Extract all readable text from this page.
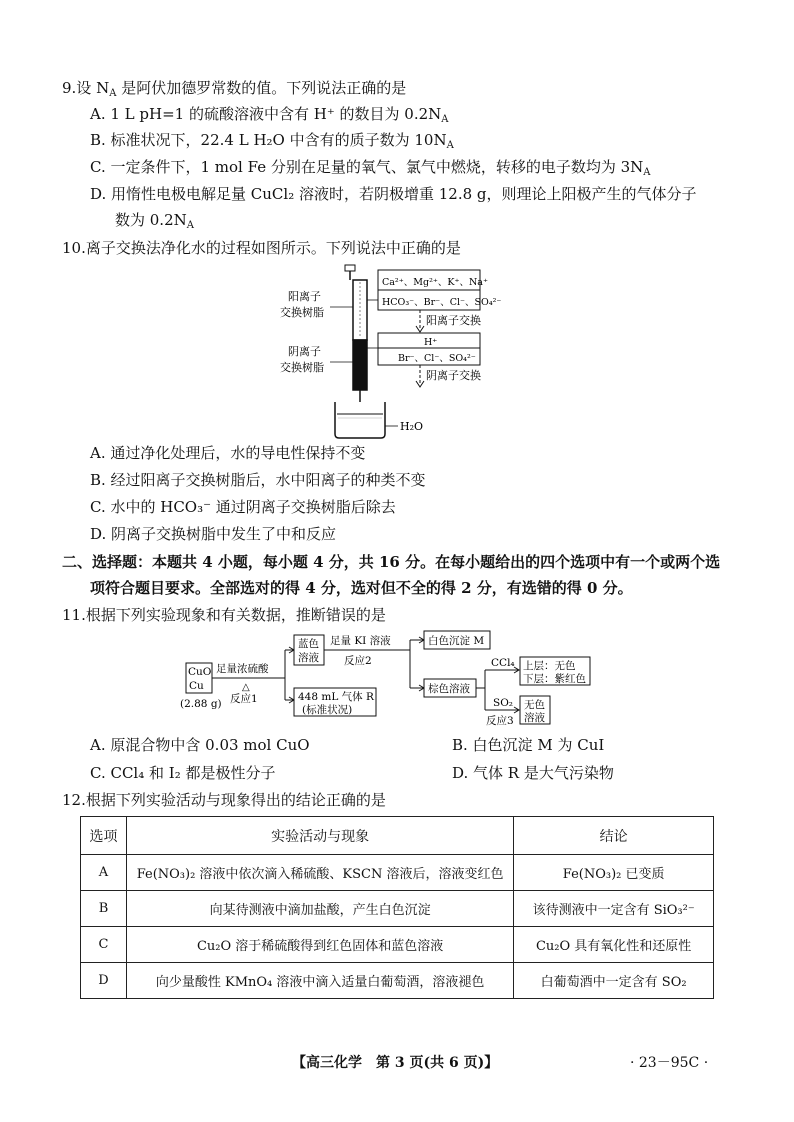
9.设 $N_A$ 是阿伏加德罗常数的值。下列说法正确的是
A. 1 L pH=1 的硫酸溶液中含有 H⁺ 的数目为 $0.2N_A$
B. 标准状况下，22.4 L H₂O 中含有的质子数为 $10N_A$
C. 一定条件下，1 mol Fe 分别在足量的氧气、氯气中燃烧，转移的电子数均为 $3N_A$
D. 用惰性电极电解足量 CuCl₂ 溶液时，若阴极增重 12.8 g，则理论上阳极产生的气体分子
数为 $0.2N_A$
10.离子交换法净化水的过程如图所示。下列说法中正确的是
H₂O
阳离子
交换树脂
阴离子
交换树脂
Ca²⁺、Mg²⁺、K⁺、Na⁺
HCO₃⁻、Br⁻、Cl⁻、SO₄²⁻
阳离子交换
H⁺
Br⁻、Cl⁻、SO₄²⁻
阴离子交换
A. 通过净化处理后，水的导电性保持不变
B. 经过阳离子交换树脂后，水中阳离子的种类不变
C. 水中的 HCO₃⁻ 通过阴离子交换树脂后除去
D. 阴离子交换树脂中发生了中和反应
二、选择题：本题共 4 小题，每小题 4 分，共 16 分。在每小题给出的四个选项中有一个或两个选
项符合题目要求。全部选对的得 4 分，选对但不全的得 2 分，有选错的得 0 分。
11.根据下列实验现象和有关数据，推断错误的是
CuO
Cu
(2.88 g)
足量浓硫酸
△
反应1
蓝色
溶液
448 mL 气体 R
(标准状况)
足量 KI 溶液
反应2
白色沉淀 M
棕色溶液
CCl₄
SO₂
反应3
上层：无色
下层：紫红色
无色
溶液
A. 原混合物中含 0.03 mol CuO	B. 白色沉淀 M 为 CuI
C. CCl₄ 和 I₂ 都是极性分子	D. 气体 R 是大气污染物
12.根据下列实验活动与现象得出的结论正确的是
选项	实验活动与现象	结论
A	Fe(NO₃)₂ 溶液中依次滴入稀硫酸、KSCN 溶液后，溶液变红色	Fe(NO₃)₂ 已变质
B	向某待测液中滴加盐酸，产生白色沉淀	该待测液中一定含有 SiO₃²⁻
C	Cu₂O 溶于稀硫酸得到红色固体和蓝色溶液	Cu₂O 具有氧化性和还原性
D	向少量酸性 KMnO₄ 溶液中滴入适量白葡萄酒，溶液褪色	白葡萄酒中一定含有 SO₂
【高三化学　第 3 页(共 6 页)】	· 23－95C ·
